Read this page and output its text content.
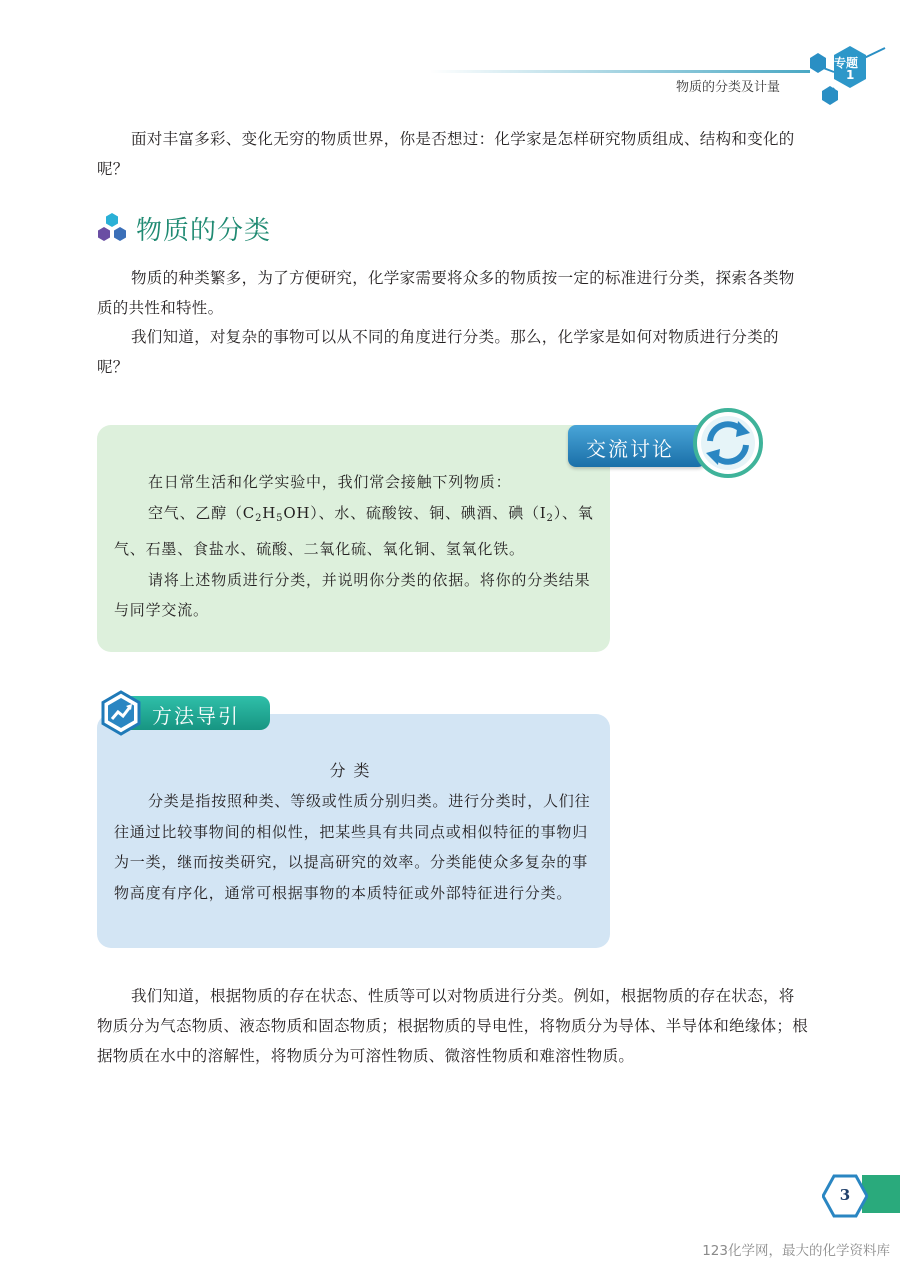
物质的分类及计量
专题
1

面对丰富多彩、变化无穷的物质世界，你是否想过：化学家是怎样研究物质组成、结构和变化的呢？

物质的分类

物质的种类繁多，为了方便研究，化学家需要将众多的物质按一定的标准进行分类，探索各类物质的共性和特性。

我们知道，对复杂的事物可以从不同的角度进行分类。那么，化学家是如何对物质进行分类的呢？

在日常生活和化学实验中，我们常会接触下列物质：
空气、乙醇$(C_2H_5OH)$、水、硫酸铵、铜、碘酒、碘$(I_2)$、氧气、石墨、食盐水、硫酸、二氧化硫、氧化铜、氢氧化铁。
请将上述物质进行分类，并说明你分类的依据。将你的分类结果与同学交流。
交流讨论
分类
分类是指按照种类、等级或性质分别归类。进行分类时，人们往往通过比较事物间的相似性，把某些具有共同点或相似特征的事物归为一类，继而按类研究，以提高研究的效率。分类能使众多复杂的事物高度有序化，通常可根据事物的本质特征或外部特征进行分类。
方法导引

我们知道，根据物质的存在状态、性质等可以对物质进行分类。例如，根据物质的存在状态，将物质分为气态物质、液态物质和固态物质；根据物质的导电性，将物质分为导体、半导体和绝缘体；根据物质在水中的溶解性，将物质分为可溶性物质、微溶性物质和难溶性物质。

3
123化学网，最大的化学资料库
